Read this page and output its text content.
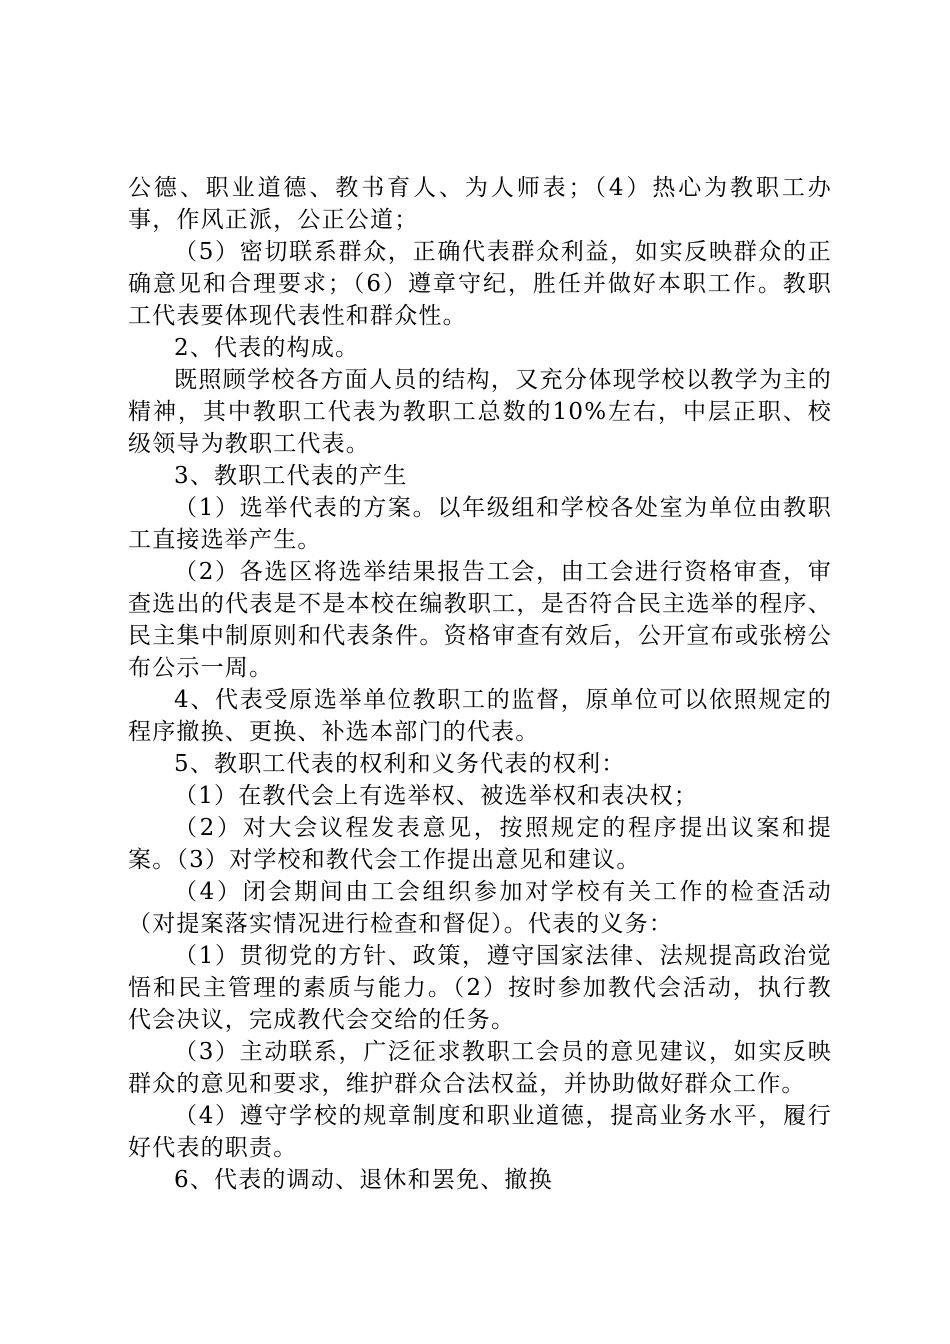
公德、职业道德、教书育人、为人师表；（4）热心为教职工办事，作风正派，公正公道；

（5）密切联系群众，正确代表群众利益，如实反映群众的正确意见和合理要求；（6）遵章守纪，胜任并做好本职工作。教职工代表要体现代表性和群众性。

2、代表的构成。

既照顾学校各方面人员的结构，又充分体现学校以教学为主的精神，其中教职工代表为教职工总数的10%左右，中层正职、校级领导为教职工代表。

3、教职工代表的产生

（1）选举代表的方案。以年级组和学校各处室为单位由教职工直接选举产生。

（2）各选区将选举结果报告工会，由工会进行资格审查，审查选出的代表是不是本校在编教职工，是否符合民主选举的程序、民主集中制原则和代表条件。资格审查有效后，公开宣布或张榜公布公示一周。

4、代表受原选举单位教职工的监督，原单位可以依照规定的程序撤换、更换、补选本部门的代表。

5、教职工代表的权利和义务代表的权利：

（1）在教代会上有选举权、被选举权和表决权；

（2）对大会议程发表意见，按照规定的程序提出议案和提案。（3）对学校和教代会工作提出意见和建议。

（4）闭会期间由工会组织参加对学校有关工作的检查活动（对提案落实情况进行检查和督促）。代表的义务：

（1）贯彻党的方针、政策，遵守国家法律、法规提高政治觉悟和民主管理的素质与能力。（2）按时参加教代会活动，执行教代会决议，完成教代会交给的任务。

（3）主动联系，广泛征求教职工会员的意见建议，如实反映群众的意见和要求，维护群众合法权益，并协助做好群众工作。

（4）遵守学校的规章制度和职业道德，提高业务水平，履行好代表的职责。

6、代表的调动、退休和罢免、撤换
